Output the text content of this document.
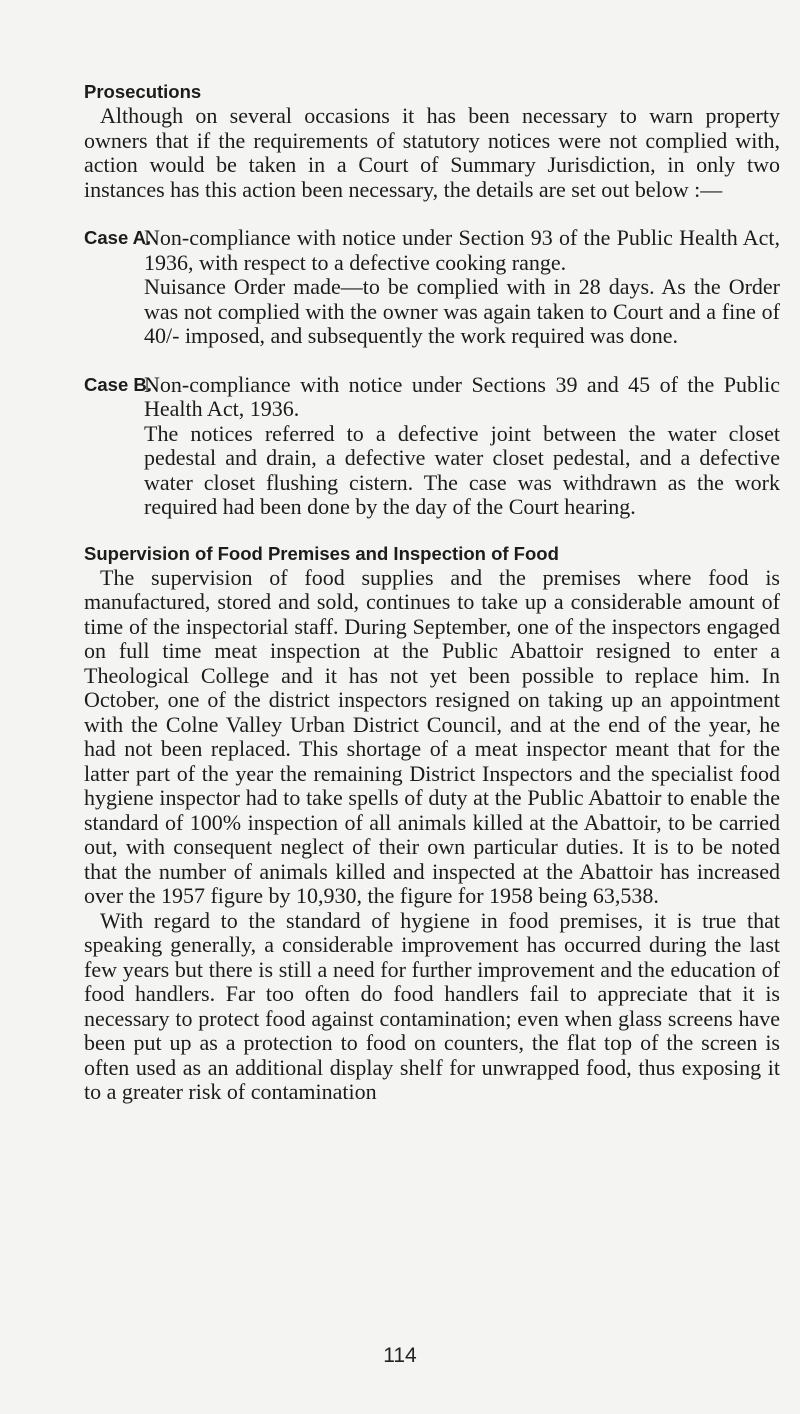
Prosecutions

Although on several occasions it has been necessary to warn property owners that if the requirements of statutory notices were not complied with, action would be taken in a Court of Summary Jurisdiction, in only two instances has this action been necessary, the details are set out below :—

Case A.

Non-compliance with notice under Section 93 of the Public Health Act, 1936, with respect to a defective cooking range.

Nuisance Order made—to be complied with in 28 days. As the Order was not complied with the owner was again taken to Court and a fine of 40/- imposed, and subsequently the work required was done.

Case B.

Non-compliance with notice under Sections 39 and 45 of the Public Health Act, 1936.

The notices referred to a defective joint between the water closet pedestal and drain, a defective water closet pedestal, and a defective water closet flushing cistern. The case was withdrawn as the work required had been done by the day of the Court hearing.

Supervision of Food Premises and Inspection of Food

The supervision of food supplies and the premises where food is manufactured, stored and sold, continues to take up a considerable amount of time of the inspectorial staff. During September, one of the inspectors engaged on full time meat inspection at the Public Abattoir resigned to enter a Theological College and it has not yet been possible to replace him. In October, one of the district inspectors resigned on taking up an appointment with the Colne Valley Urban District Council, and at the end of the year, he had not been replaced. This shortage of a meat inspector meant that for the latter part of the year the remaining District Inspectors and the specialist food hygiene inspector had to take spells of duty at the Public Abattoir to enable the standard of 100% inspection of all animals killed at the Abattoir, to be carried out, with consequent neglect of their own particular duties. It is to be noted that the number of animals killed and inspected at the Abattoir has increased over the 1957 figure by 10,930, the figure for 1958 being 63,538.

With regard to the standard of hygiene in food premises, it is true that speaking generally, a considerable improvement has occurred during the last few years but there is still a need for further improvement and the education of food handlers. Far too often do food handlers fail to appreciate that it is necessary to protect food against contamination; even when glass screens have been put up as a protection to food on counters, the flat top of the screen is often used as an additional display shelf for unwrapped food, thus exposing it to a greater risk of contamination

114
